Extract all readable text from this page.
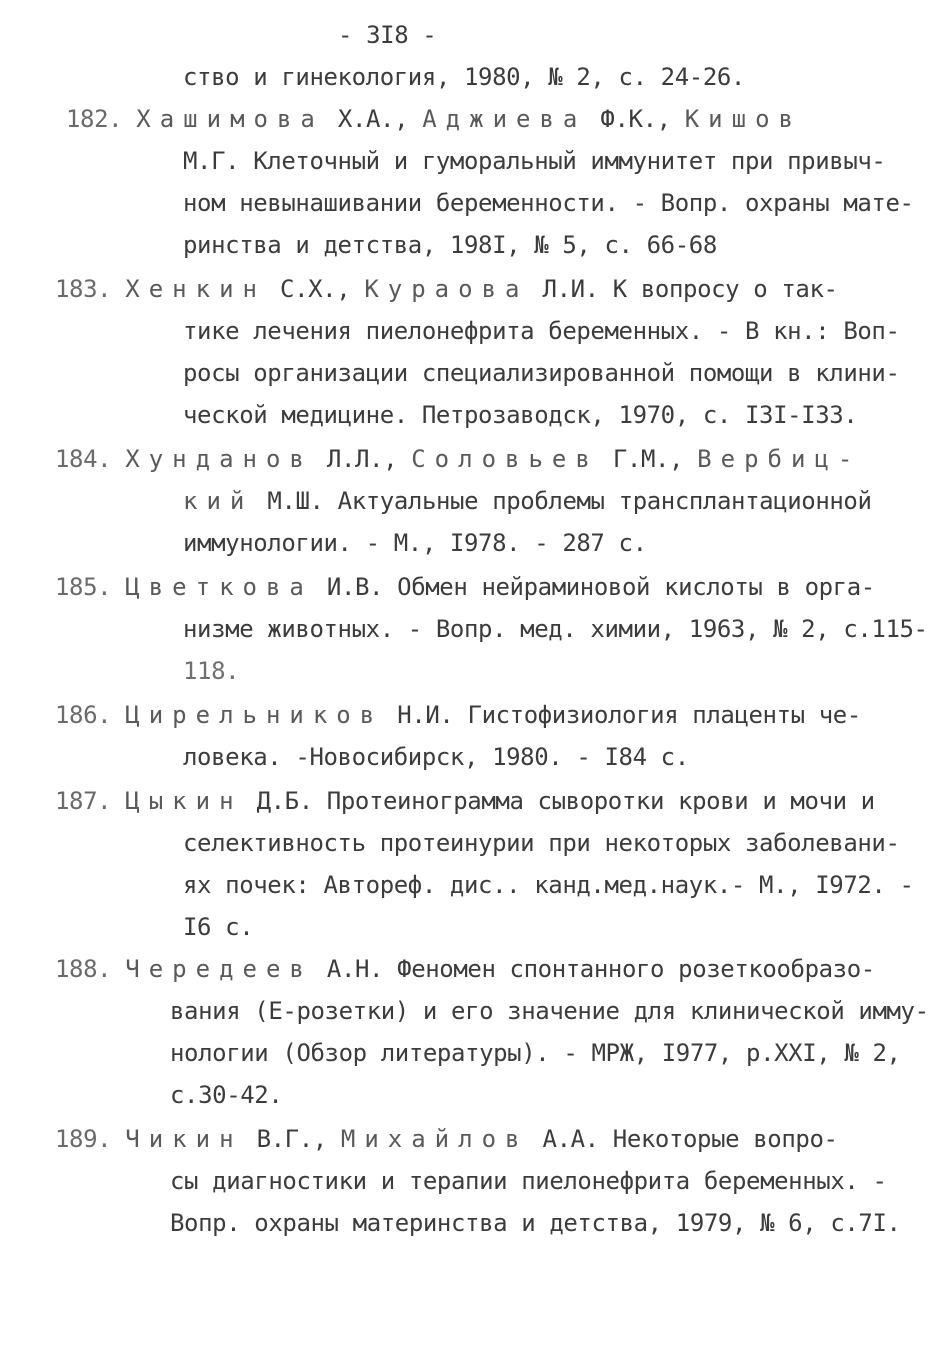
- 3I8 -
ство и гинекология, 1980, № 2, с. 24-26.
182. Хашимова Х.А., Аджиева Ф.К., Кишов
М.Г. Клеточный и гуморальный иммунитет при привыч-
ном невынашивании беременности. - Вопр. охраны мате-
ринства и детства, 198I, № 5, с. 66-68
183. Хенкин С.Х., Кураова Л.И. К вопросу о так-
тике лечения пиелонефрита беременных. - В кн.: Воп-
росы организации специализированной помощи в клини-
ческой медицине. Петрозаводск, 1970, с. I3I-I33.
184. Хунданов Л.Л., Соловьев Г.М., Вербиц-
кий М.Ш. Актуальные проблемы трансплантационной
иммунологии. - М., I978. - 287 с.
185. Цветкова И.В. Обмен нейраминовой кислоты в орга-
низме животных. - Вопр. мед. химии, 1963, № 2, с.115-
118.
186. Цирельников Н.И. Гистофизиология плаценты че-
ловека. -Новосибирск, 1980. - I84 с.
187. Цыкин Д.Б. Протеинограмма сыворотки крови и мочи и
селективность протеинурии при некоторых заболевани-
ях почек: Автореф. дис.. канд.мед.наук.- М., I972. -
I6 с.
188. Чередеев А.Н. Феномен спонтанного розеткообразо-
вания (Е-розетки) и его значение для клинической имму-
нологии (Обзор литературы). - МРЖ, I977, р.XXI, № 2,
с.30-42.
189. Чикин В.Г., Михайлов А.А. Некоторые вопро-
сы диагностики и терапии пиелонефрита беременных. -
Вопр. охраны материнства и детства, 1979, № 6, с.7I.
